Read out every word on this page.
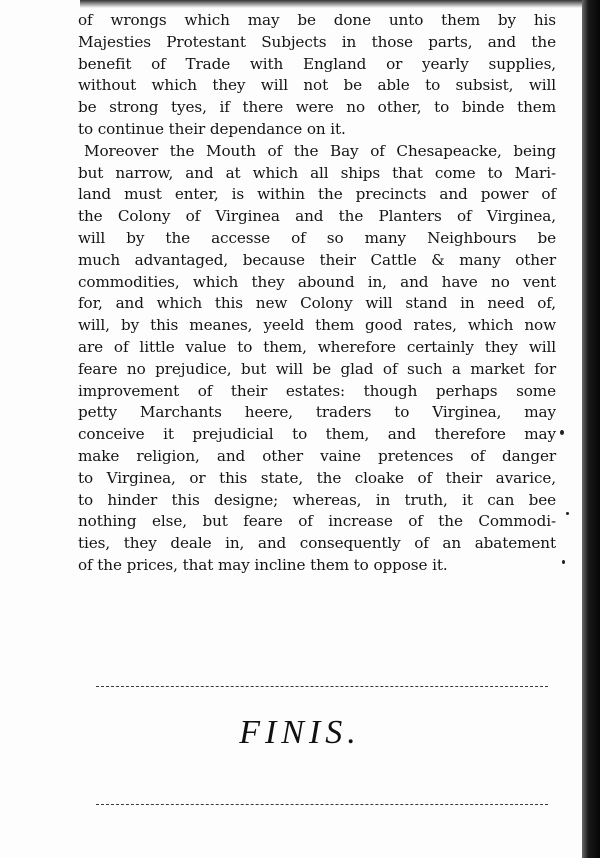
of wrongs which may be done unto them by his
Majesties Protestant Subjects in those parts, and the
benefit of Trade with England or yearly supplies,
without which they will not be able to subsist, will
be strong tyes, if there were no other, to binde them
to continue their dependance on it.
Moreover the Mouth of the Bay of Chesapeacke, being
but narrow, and at which all ships that come to Mari-
land must enter, is within the precincts and power of
the Colony of Virginea and the Planters of Virginea,
will by the accesse of so many Neighbours be
much advantaged, because their Cattle & many other
commodities, which they abound in, and have no vent
for, and which this new Colony will stand in need of,
will, by this meanes, yeeld them good rates, which now
are of little value to them, wherefore certainly they will
feare no prejudice, but will be glad of such a market for
improvement of their estates: though perhaps some
petty Marchants heere, traders to Virginea, may
conceive it prejudicial to them, and therefore may
make religion, and other vaine pretences of danger
to Virginea, or this state, the cloake of their avarice,
to hinder this designe; whereas, in truth, it can bee
nothing else, but feare of increase of the Commodi-
ties, they deale in, and consequently of an abatement
of the prices, that may incline them to oppose it.
FINIS.
